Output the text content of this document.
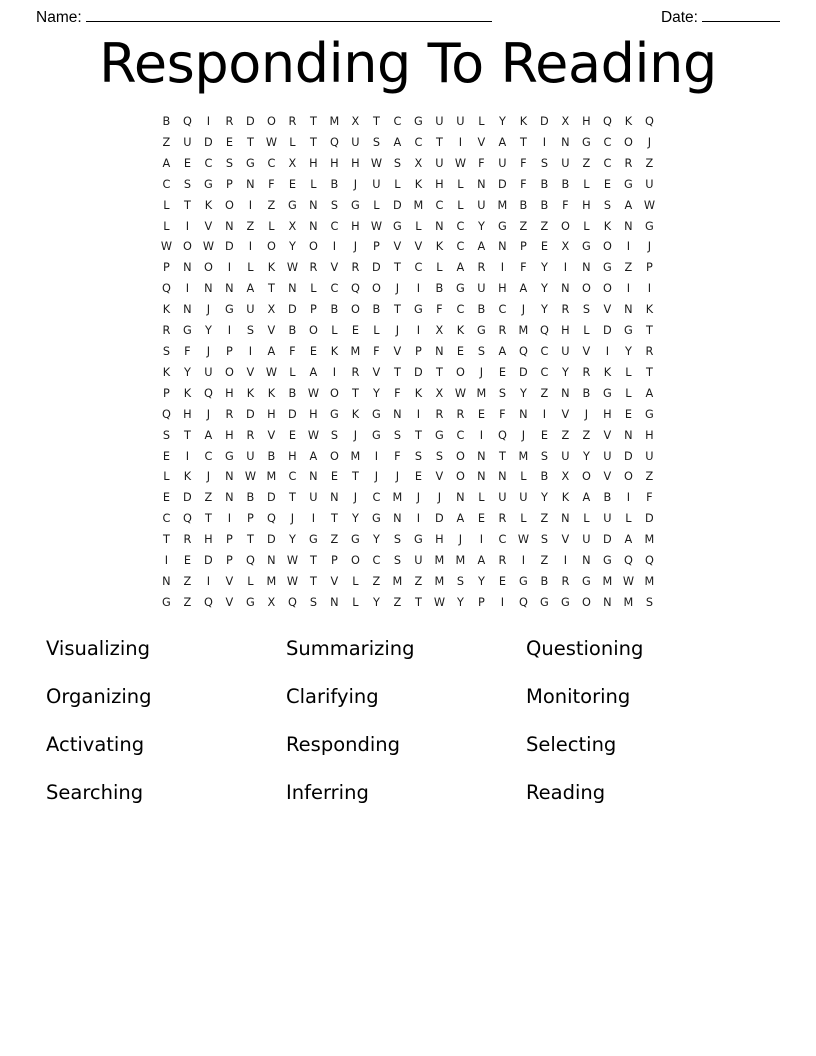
Name:	Date:
Responding To Reading
B	Q	I	R	D	O	R	T	M	X	T	C	G	U	U	L	Y	K	D	X	H	Q	K	Q
Z	U	D	E	T	W	L	T	Q	U	S	A	C	T	I	V	A	T	I	N	G	C	O	J
A	E	C	S	G	C	X	H	H	H	W	S	X	U	W	F	U	F	S	U	Z	C	R	Z
C	S	G	P	N	F	E	L	B	J	U	L	K	H	L	N	D	F	B	B	L	E	G	U
L	T	K	O	I	Z	G	N	S	G	L	D	M	C	L	U	M	B	B	F	H	S	A	W
L	I	V	N	Z	L	X	N	C	H	W	G	L	N	C	Y	G	Z	Z	O	L	K	N	G
W	O	W	D	I	O	Y	O	I	J	P	V	V	K	C	A	N	P	E	X	G	O	I	J
P	N	O	I	L	K	W	R	V	R	D	T	C	L	A	R	I	F	Y	I	N	G	Z	P
Q	I	N	N	A	T	N	L	C	Q	O	J	I	B	G	U	H	A	Y	N	O	O	I	I
K	N	J	G	U	X	D	P	B	O	B	T	G	F	C	B	C	J	Y	R	S	V	N	K
R	G	Y	I	S	V	B	O	L	E	L	J	I	X	K	G	R	M	Q	H	L	D	G	T
S	F	J	P	I	A	F	E	K	M	F	V	P	N	E	S	A	Q	C	U	V	I	Y	R
K	Y	U	O	V	W	L	A	I	R	V	T	D	T	O	J	E	D	C	Y	R	K	L	T
P	K	Q	H	K	K	B	W	O	T	Y	F	K	X	W	M	S	Y	Z	N	B	G	L	A
Q	H	J	R	D	H	D	H	G	K	G	N	I	R	R	E	F	N	I	V	J	H	E	G
S	T	A	H	R	V	E	W	S	J	G	S	T	G	C	I	Q	J	E	Z	Z	V	N	H
E	I	C	G	U	B	H	A	O	M	I	F	S	S	O	N	T	M	S	U	Y	U	D	U
L	K	J	N	W	M	C	N	E	T	J	J	E	V	O	N	N	L	B	X	O	V	O	Z
E	D	Z	N	B	D	T	U	N	J	C	M	J	J	N	L	U	U	Y	K	A	B	I	F
C	Q	T	I	P	Q	J	I	T	Y	G	N	I	D	A	E	R	L	Z	N	L	U	L	D
T	R	H	P	T	D	Y	G	Z	G	Y	S	G	H	J	I	C	W	S	V	U	D	A	M
I	E	D	P	Q	N	W	T	P	O	C	S	U	M	M	A	R	I	Z	I	N	G	Q	Q
N	Z	I	V	L	M	W	T	V	L	Z	M	Z	M	S	Y	E	G	B	R	G	M	W	M
G	Z	Q	V	G	X	Q	S	N	L	Y	Z	T	W	Y	P	I	Q	G	G	O	N	M	S
Visualizing	Summarizing	Questioning
Organizing	Clarifying	Monitoring
Activating	Responding	Selecting
Searching	Inferring	Reading
